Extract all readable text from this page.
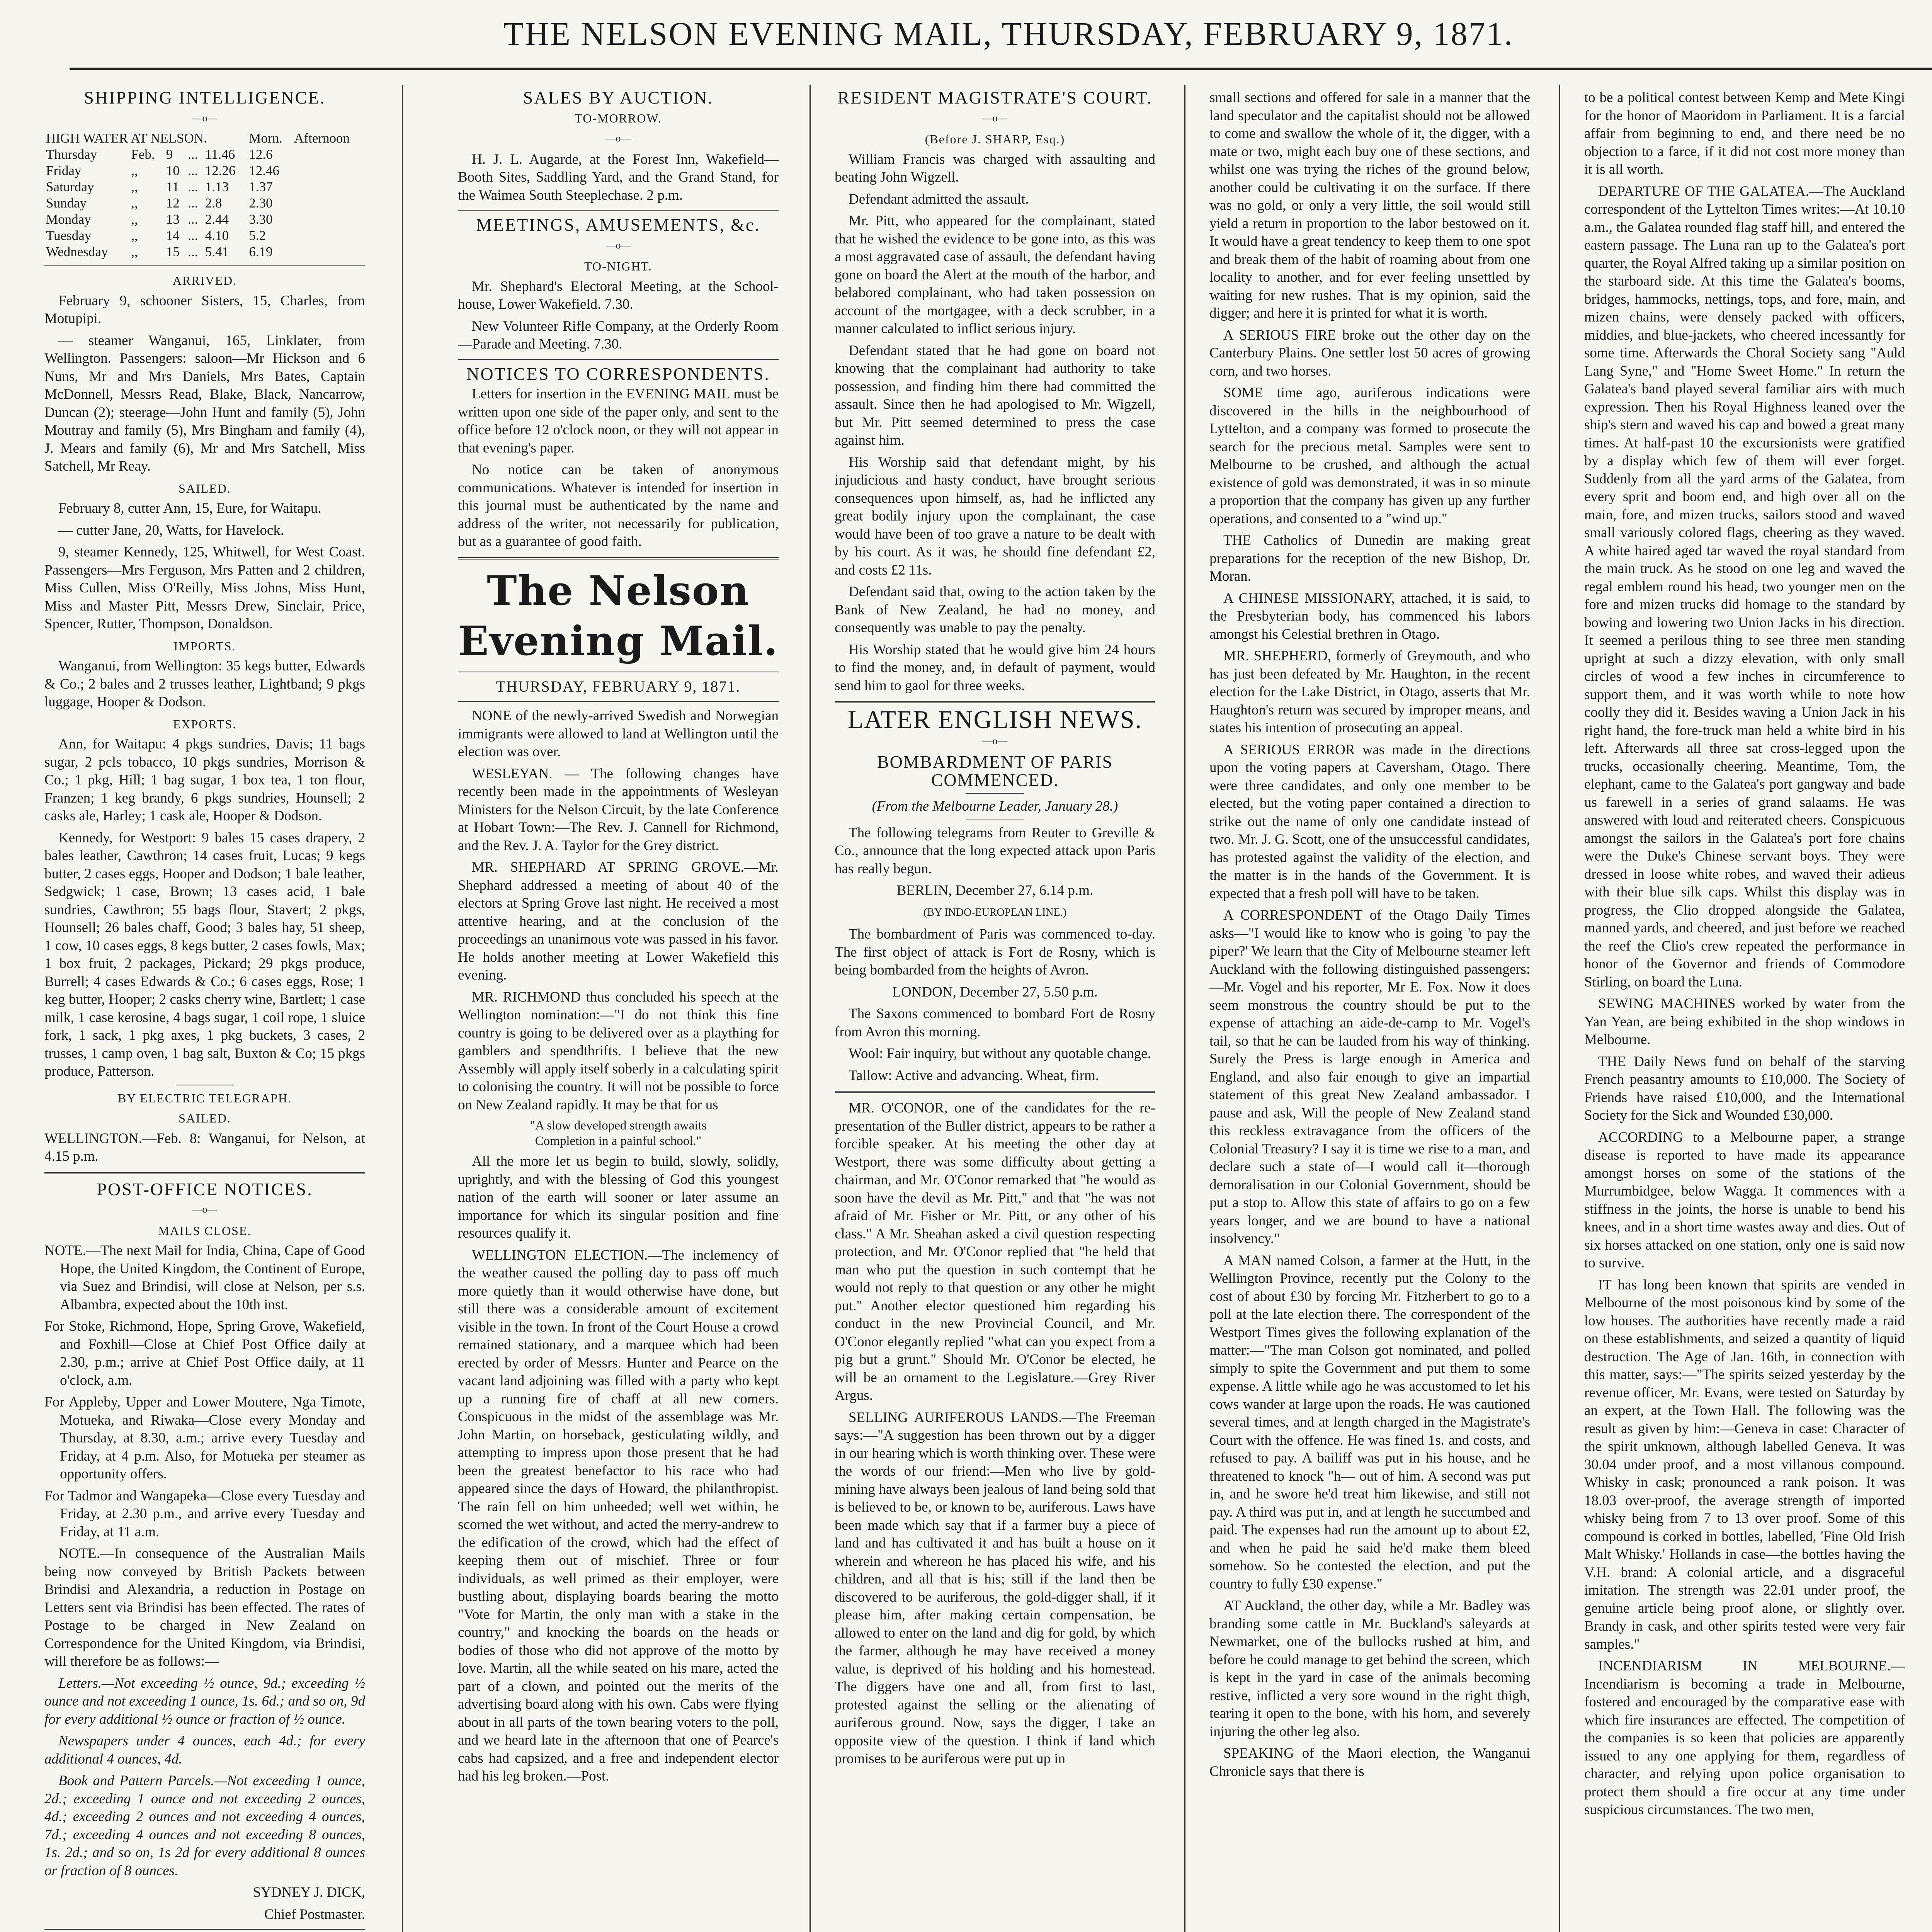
THE NELSON EVENING MAIL, THURSDAY, FEBRUARY 9, 1871.
SHIPPING INTELLIGENCE.
—o—
HIGH WATER AT NELSON.					Morn.	Afternoon
Thursday	Feb.	9	...	11.46	12.6	
Friday	,,	10	...	12.26	12.46	
Saturday	,,	11	...	1.13	1.37	
Sunday	,,	12	...	2.8	2.30	
Monday	,,	13	...	2.44	3.30	
Tuesday	,,	14	...	4.10	5.2	
Wednesday	,,	15	...	5.41	6.19	
ARRIVED.

February 9, schooner Sisters, 15, Charles, from Motupipi.

— steamer Wanganui, 165, Linklater, from Wellington. Passengers: saloon—Mr Hickson and 6 Nuns, Mr and Mrs Daniels, Mrs Bates, Captain McDonnell, Messrs Read, Blake, Black, Nancarrow, Duncan (2); steerage—John Hunt and family (5), John Moutray and family (5), Mrs Bingham and family (4), J. Mears and family (6), Mr and Mrs Satchell, Miss Satchell, Mr Reay.

SAILED.

February 8, cutter Ann, 15, Eure, for Waitapu.

— cutter Jane, 20, Watts, for Havelock.

9, steamer Kennedy, 125, Whitwell, for West Coast. Passengers—Mrs Ferguson, Mrs Patten and 2 children, Miss Cullen, Miss O'Reilly, Miss Johns, Miss Hunt, Miss and Master Pitt, Messrs Drew, Sinclair, Price, Spencer, Rutter, Thompson, Donaldson.

IMPORTS.

Wanganui, from Wellington: 35 kegs butter, Edwards & Co.; 2 bales and 2 trusses leather, Lightband; 9 pkgs luggage, Hooper & Dodson.

EXPORTS.

Ann, for Waitapu: 4 pkgs sundries, Davis; 11 bags sugar, 2 pcls tobacco, 10 pkgs sundries, Morrison & Co.; 1 pkg, Hill; 1 bag sugar, 1 box tea, 1 ton flour, Franzen; 1 keg brandy, 6 pkgs sundries, Hounsell; 2 casks ale, Harley; 1 cask ale, Hooper & Dodson.

Kennedy, for Westport: 9 bales 15 cases drapery, 2 bales leather, Cawthron; 14 cases fruit, Lucas; 9 kegs butter, 2 cases eggs, Hooper and Dodson; 1 bale leather, Sedgwick; 1 case, Brown; 13 cases acid, 1 bale sundries, Cawthron; 55 bags flour, Stavert; 2 pkgs, Hounsell; 26 bales chaff, Good; 3 bales hay, 51 sheep, 1 cow, 10 cases eggs, 8 kegs butter, 2 cases fowls, Max; 1 box fruit, 2 packages, Pickard; 29 pkgs produce, Burrell; 4 cases Edwards & Co.; 6 cases eggs, Rose; 1 keg butter, Hooper; 2 casks cherry wine, Bartlett; 1 case milk, 1 case kerosine, 4 bags sugar, 1 coil rope, 1 sluice fork, 1 sack, 1 pkg axes, 1 pkg buckets, 3 cases, 2 trusses, 1 camp oven, 1 bag salt, Buxton & Co; 15 pkgs produce, Patterson.

BY ELECTRIC TELEGRAPH.
SAILED.

WELLINGTON.—Feb. 8: Wanganui, for Nelson, at 4.15 p.m.

POST-OFFICE NOTICES.
—o—
MAILS CLOSE.

NOTE.—The next Mail for India, China, Cape of Good Hope, the United Kingdom, the Continent of Europe, via Suez and Brindisi, will close at Nelson, per s.s. Albambra, expected about the 10th inst.

For Stoke, Richmond, Hope, Spring Grove, Wakefield, and Foxhill—Close at Chief Post Office daily at 2.30, p.m.; arrive at Chief Post Office daily, at 11 o'clock, a.m.

For Appleby, Upper and Lower Moutere, Nga Timote, Motueka, and Riwaka—Close every Monday and Thursday, at 8.30, a.m.; arrive every Tuesday and Friday, at 4 p.m. Also, for Motueka per steamer as opportunity offers.

For Tadmor and Wangapeka—Close every Tuesday and Friday, at 2.30 p.m., and arrive every Tuesday and Friday, at 11 a.m.

NOTE.—In consequence of the Australian Mails being now conveyed by British Packets between Brindisi and Alexandria, a reduction in Postage on Letters sent via Brindisi has been effected. The rates of Postage to be charged in New Zealand on Correspondence for the United Kingdom, via Brindisi, will therefore be as follows:—

Letters.—Not exceeding ½ ounce, 9d.; exceeding ½ ounce and not exceeding 1 ounce, 1s. 6d.; and so on, 9d for every additional ½ ounce or fraction of ½ ounce.

Newspapers under 4 ounces, each 4d.; for every additional 4 ounces, 4d.

Book and Pattern Parcels.—Not exceeding 1 ounce, 2d.; exceeding 1 ounce and not exceeding 2 ounces, 4d.; exceeding 2 ounces and not exceeding 4 ounces, 7d.; exceeding 4 ounces and not exceeding 8 ounces, 1s. 2d.; and so on, 1s 2d for every additional 8 ounces or fraction of 8 ounces.

SYDNEY J. DICK,

Chief Postmaster.

SALES BY AUCTION.
TO-MORROW.
—o—

H. J. L. Augarde, at the Forest Inn, Wakefield—Booth Sites, Saddling Yard, and the Grand Stand, for the Waimea South Steeplechase. 2 p.m.

MEETINGS, AMUSEMENTS, &c.
—o—
TO-NIGHT.

Mr. Shephard's Electoral Meeting, at the School-house, Lower Wakefield. 7.30.

New Volunteer Rifle Company, at the Orderly Room—Parade and Meeting. 7.30.

NOTICES TO CORRESPONDENTS.

Letters for insertion in the EVENING MAIL must be written upon one side of the paper only, and sent to the office before 12 o'clock noon, or they will not appear in that evening's paper.

No notice can be taken of anonymous communications. Whatever is intended for insertion in this journal must be authenticated by the name and address of the writer, not necessarily for publication, but as a guarantee of good faith.

The Nelson Evening Mail.
THURSDAY, FEBRUARY 9, 1871.

NONE of the newly-arrived Swedish and Norwegian immigrants were allowed to land at Wellington until the election was over.

WESLEYAN. — The following changes have recently been made in the appointments of Wesleyan Ministers for the Nelson Circuit, by the late Conference at Hobart Town:—The Rev. J. Cannell for Richmond, and the Rev. J. A. Taylor for the Grey district.

MR. SHEPHARD AT SPRING GROVE.—Mr. Shephard addressed a meeting of about 40 of the electors at Spring Grove last night. He received a most attentive hearing, and at the conclusion of the proceedings an unanimous vote was passed in his favor. He holds another meeting at Lower Wakefield this evening.

MR. RICHMOND thus concluded his speech at the Wellington nomination:—"I do not think this fine country is going to be delivered over as a plaything for gamblers and spendthrifts. I believe that the new Assembly will apply itself soberly in a calculating spirit to colonising the country. It will not be possible to force on New Zealand rapidly. It may be that for us

"A slow developed strength awaits
Completion in a painful school."

All the more let us begin to build, slowly, solidly, uprightly, and with the blessing of God this youngest nation of the earth will sooner or later assume an importance for which its singular position and fine resources qualify it.

WELLINGTON ELECTION.—The inclemency of the weather caused the polling day to pass off much more quietly than it would otherwise have done, but still there was a considerable amount of excitement visible in the town. In front of the Court House a crowd remained stationary, and a marquee which had been erected by order of Messrs. Hunter and Pearce on the vacant land adjoining was filled with a party who kept up a running fire of chaff at all new comers. Conspicuous in the midst of the assemblage was Mr. John Martin, on horseback, gesticulating wildly, and attempting to impress upon those present that he had been the greatest benefactor to his race who had appeared since the days of Howard, the philanthropist. The rain fell on him unheeded; well wet within, he scorned the wet without, and acted the merry-andrew to the edification of the crowd, which had the effect of keeping them out of mischief. Three or four individuals, as well primed as their employer, were bustling about, displaying boards bearing the motto "Vote for Martin, the only man with a stake in the country," and knocking the boards on the heads or bodies of those who did not approve of the motto by love. Martin, all the while seated on his mare, acted the part of a clown, and pointed out the merits of the advertising board along with his own. Cabs were flying about in all parts of the town bearing voters to the poll, and we heard late in the afternoon that one of Pearce's cabs had capsized, and a free and independent elector had his leg broken.—Post.

RESIDENT MAGISTRATE'S COURT.
—o—
(Before J. SHARP, Esq.)

William Francis was charged with assaulting and beating John Wigzell.

Defendant admitted the assault.

Mr. Pitt, who appeared for the complainant, stated that he wished the evidence to be gone into, as this was a most aggravated case of assault, the defendant having gone on board the Alert at the mouth of the harbor, and belabored complainant, who had taken possession on account of the mortgagee, with a deck scrubber, in a manner calculated to inflict serious injury.

Defendant stated that he had gone on board not knowing that the complainant had authority to take possession, and finding him there had committed the assault. Since then he had apologised to Mr. Wigzell, but Mr. Pitt seemed determined to press the case against him.

His Worship said that defendant might, by his injudicious and hasty conduct, have brought serious consequences upon himself, as, had he inflicted any great bodily injury upon the complainant, the case would have been of too grave a nature to be dealt with by his court. As it was, he should fine defendant £2, and costs £2 11s.

Defendant said that, owing to the action taken by the Bank of New Zealand, he had no money, and consequently was unable to pay the penalty.

His Worship stated that he would give him 24 hours to find the money, and, in default of payment, would send him to gaol for three weeks.

LATER ENGLISH NEWS.
—o—
BOMBARDMENT OF PARIS COMMENCED.

(From the Melbourne Leader, January 28.)

The following telegrams from Reuter to Greville & Co., announce that the long expected attack upon Paris has really begun.

BERLIN, December 27, 6.14 p.m.

(BY INDO-EUROPEAN LINE.)

The bombardment of Paris was commenced to-day. The first object of attack is Fort de Rosny, which is being bombarded from the heights of Avron.

LONDON, December 27, 5.50 p.m.

The Saxons commenced to bombard Fort de Rosny from Avron this morning.

Wool: Fair inquiry, but without any quotable change.

Tallow: Active and advancing. Wheat, firm.

MR. O'CONOR, one of the candidates for the re-presentation of the Buller district, appears to be rather a forcible speaker. At his meeting the other day at Westport, there was some difficulty about getting a chairman, and Mr. O'Conor remarked that "he would as soon have the devil as Mr. Pitt," and that "he was not afraid of Mr. Fisher or Mr. Pitt, or any other of his class." A Mr. Sheahan asked a civil question respecting protection, and Mr. O'Conor replied that "he held that man who put the question in such contempt that he would not reply to that question or any other he might put." Another elector questioned him regarding his conduct in the new Provincial Council, and Mr. O'Conor elegantly replied "what can you expect from a pig but a grunt." Should Mr. O'Conor be elected, he will be an ornament to the Legislature.—Grey River Argus.

SELLING AURIFEROUS LANDS.—The Freeman says:—"A suggestion has been thrown out by a digger in our hearing which is worth thinking over. These were the words of our friend:—Men who live by gold-mining have always been jealous of land being sold that is believed to be, or known to be, auriferous. Laws have been made which say that if a farmer buy a piece of land and has cultivated it and has built a house on it wherein and whereon he has placed his wife, and his children, and all that is his; still if the land then be discovered to be auriferous, the gold-digger shall, if it please him, after making certain compensation, be allowed to enter on the land and dig for gold, by which the farmer, although he may have received a money value, is deprived of his holding and his homestead. The diggers have one and all, from first to last, protested against the selling or the alienating of auriferous ground. Now, says the digger, I take an opposite view of the question. I think if land which promises to be auriferous were put up in

small sections and offered for sale in a manner that the land speculator and the capitalist should not be allowed to come and swallow the whole of it, the digger, with a mate or two, might each buy one of these sections, and whilst one was trying the riches of the ground below, another could be cultivating it on the surface. If there was no gold, or only a very little, the soil would still yield a return in proportion to the labor bestowed on it. It would have a great tendency to keep them to one spot and break them of the habit of roaming about from one locality to another, and for ever feeling unsettled by waiting for new rushes. That is my opinion, said the digger; and here it is printed for what it is worth.

A SERIOUS FIRE broke out the other day on the Canterbury Plains. One settler lost 50 acres of growing corn, and two horses.

SOME time ago, auriferous indications were discovered in the hills in the neighbourhood of Lyttelton, and a company was formed to prosecute the search for the precious metal. Samples were sent to Melbourne to be crushed, and although the actual existence of gold was demonstrated, it was in so minute a proportion that the company has given up any further operations, and consented to a "wind up."

THE Catholics of Dunedin are making great preparations for the reception of the new Bishop, Dr. Moran.

A CHINESE MISSIONARY, attached, it is said, to the Presbyterian body, has commenced his labors amongst his Celestial brethren in Otago.

MR. SHEPHERD, formerly of Greymouth, and who has just been defeated by Mr. Haughton, in the recent election for the Lake District, in Otago, asserts that Mr. Haughton's return was secured by improper means, and states his intention of prosecuting an appeal.

A SERIOUS ERROR was made in the directions upon the voting papers at Caversham, Otago. There were three candidates, and only one member to be elected, but the voting paper contained a direction to strike out the name of only one candidate instead of two. Mr. J. G. Scott, one of the unsuccessful candidates, has protested against the validity of the election, and the matter is in the hands of the Government. It is expected that a fresh poll will have to be taken.

A CORRESPONDENT of the Otago Daily Times asks—"I would like to know who is going 'to pay the piper?' We learn that the City of Melbourne steamer left Auckland with the following distinguished passengers:—Mr. Vogel and his reporter, Mr E. Fox. Now it does seem monstrous the country should be put to the expense of attaching an aide-de-camp to Mr. Vogel's tail, so that he can be lauded from his way of thinking. Surely the Press is large enough in America and England, and also fair enough to give an impartial statement of this great New Zealand ambassador. I pause and ask, Will the people of New Zealand stand this reckless extravagance from the officers of the Colonial Treasury? I say it is time we rise to a man, and declare such a state of—I would call it—thorough demoralisation in our Colonial Government, should be put a stop to. Allow this state of affairs to go on a few years longer, and we are bound to have a national insolvency."

A MAN named Colson, a farmer at the Hutt, in the Wellington Province, recently put the Colony to the cost of about £30 by forcing Mr. Fitzherbert to go to a poll at the late election there. The correspondent of the Westport Times gives the following explanation of the matter:—"The man Colson got nominated, and polled simply to spite the Government and put them to some expense. A little while ago he was accustomed to let his cows wander at large upon the roads. He was cautioned several times, and at length charged in the Magistrate's Court with the offence. He was fined 1s. and costs, and refused to pay. A bailiff was put in his house, and he threatened to knock "h— out of him. A second was put in, and he swore he'd treat him likewise, and still not pay. A third was put in, and at length he succumbed and paid. The expenses had run the amount up to about £2, and when he paid he said he'd make them bleed somehow. So he contested the election, and put the country to fully £30 expense."

AT Auckland, the other day, while a Mr. Badley was branding some cattle in Mr. Buckland's saleyards at Newmarket, one of the bullocks rushed at him, and before he could manage to get behind the screen, which is kept in the yard in case of the animals becoming restive, inflicted a very sore wound in the right thigh, tearing it open to the bone, with his horn, and severely injuring the other leg also.

SPEAKING of the Maori election, the Wanganui Chronicle says that there is

to be a political contest between Kemp and Mete Kingi for the honor of Maoridom in Parliament. It is a farcial affair from beginning to end, and there need be no objection to a farce, if it did not cost more money than it is all worth.

DEPARTURE OF THE GALATEA.—The Auckland correspondent of the Lyttelton Times writes:—At 10.10 a.m., the Galatea rounded flag staff hill, and entered the eastern passage. The Luna ran up to the Galatea's port quarter, the Royal Alfred taking up a similar position on the starboard side. At this time the Galatea's booms, bridges, hammocks, nettings, tops, and fore, main, and mizen chains, were densely packed with officers, middies, and blue-jackets, who cheered incessantly for some time. Afterwards the Choral Society sang "Auld Lang Syne," and "Home Sweet Home." In return the Galatea's band played several familiar airs with much expression. Then his Royal Highness leaned over the ship's stern and waved his cap and bowed a great many times. At half-past 10 the excursionists were gratified by a display which few of them will ever forget. Suddenly from all the yard arms of the Galatea, from every sprit and boom end, and high over all on the main, fore, and mizen trucks, sailors stood and waved small variously colored flags, cheering as they waved. A white haired aged tar waved the royal standard from the main truck. As he stood on one leg and waved the regal emblem round his head, two younger men on the fore and mizen trucks did homage to the standard by bowing and lowering two Union Jacks in his direction. It seemed a perilous thing to see three men standing upright at such a dizzy elevation, with only small circles of wood a few inches in circumference to support them, and it was worth while to note how coolly they did it. Besides waving a Union Jack in his right hand, the fore-truck man held a white bird in his left. Afterwards all three sat cross-legged upon the trucks, occasionally cheering. Meantime, Tom, the elephant, came to the Galatea's port gangway and bade us farewell in a series of grand salaams. He was answered with loud and reiterated cheers. Conspicuous amongst the sailors in the Galatea's port fore chains were the Duke's Chinese servant boys. They were dressed in loose white robes, and waved their adieus with their blue silk caps. Whilst this display was in progress, the Clio dropped alongside the Galatea, manned yards, and cheered, and just before we reached the reef the Clio's crew repeated the performance in honor of the Governor and friends of Commodore Stirling, on board the Luna.

SEWING MACHINES worked by water from the Yan Yean, are being exhibited in the shop windows in Melbourne.

THE Daily News fund on behalf of the starving French peasantry amounts to £10,000. The Society of Friends have raised £10,000, and the International Society for the Sick and Wounded £30,000.

ACCORDING to a Melbourne paper, a strange disease is reported to have made its appearance amongst horses on some of the stations of the Murrumbidgee, below Wagga. It commences with a stiffness in the joints, the horse is unable to bend his knees, and in a short time wastes away and dies. Out of six horses attacked on one station, only one is said now to survive.

IT has long been known that spirits are vended in Melbourne of the most poisonous kind by some of the low houses. The authorities have recently made a raid on these establishments, and seized a quantity of liquid destruction. The Age of Jan. 16th, in connection with this matter, says:—"The spirits seized yesterday by the revenue officer, Mr. Evans, were tested on Saturday by an expert, at the Town Hall. The following was the result as given by him:—Geneva in case: Character of the spirit unknown, although labelled Geneva. It was 30.04 under proof, and a most villanous compound. Whisky in cask; pronounced a rank poison. It was 18.03 over-proof, the average strength of imported whisky being from 7 to 13 over proof. Some of this compound is corked in bottles, labelled, 'Fine Old Irish Malt Whisky.' Hollands in case—the bottles having the V.H. brand: A colonial article, and a disgraceful imitation. The strength was 22.01 under proof, the genuine article being proof alone, or slightly over. Brandy in cask, and other spirits tested were very fair samples."

INCENDIARISM IN MELBOURNE.—Incendiarism is becoming a trade in Melbourne, fostered and encouraged by the comparative ease with which fire insurances are effected. The competition of the companies is so keen that policies are apparently issued to any one applying for them, regardless of character, and relying upon police organisation to protect them should a fire occur at any time under suspicious circumstances. The two men,
